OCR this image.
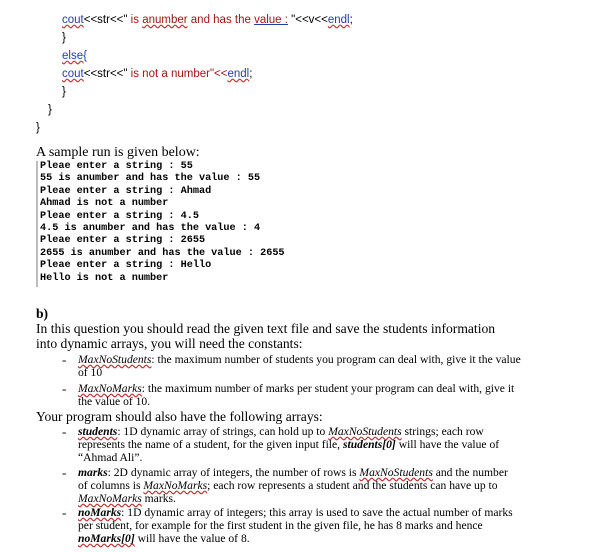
cout<<str<<" is anumber and has the value : "<<v<<endl;
}
else{
cout<<str<<" is not a number"<<endl;
}
}
}
A sample run is given below:
Pleae enter a string : 55
55 is anumber and has the value : 55
Pleae enter a string : Ahmad
Ahmad is not a number
Pleae enter a string : 4.5
4.5 is anumber and has the value : 4
Pleae enter a string : 2655
2655 is anumber and has the value : 2655
Pleae enter a string : Hello
Hello is not a number
b)
In this question you should read the given text file and save the students information
into dynamic arrays, you will need the constants:
- MaxNoStudents: the maximum number of students you program can deal with, give it the value
of 10
- MaxNoMarks: the maximum number of marks per student your program can deal with, give it
the value of 10.
Your program should also have the following arrays:
- students: 1D dynamic array of strings, can hold up to MaxNoStudents strings; each row
represents the name of a student, for the given input file, students[0] will have the value of
“Ahmad Ali”.
- marks: 2D dynamic array of integers, the number of rows is MaxNoStudents and the number
of columns is MaxNoMarks; each row represents a student and the students can have up to
MaxNoMarks marks.
- noMarks: 1D dynamic array of integers; this array is used to save the actual number of marks
per student, for example for the first student in the given file, he has 8 marks and hence
noMarks[0] will have the value of 8.
